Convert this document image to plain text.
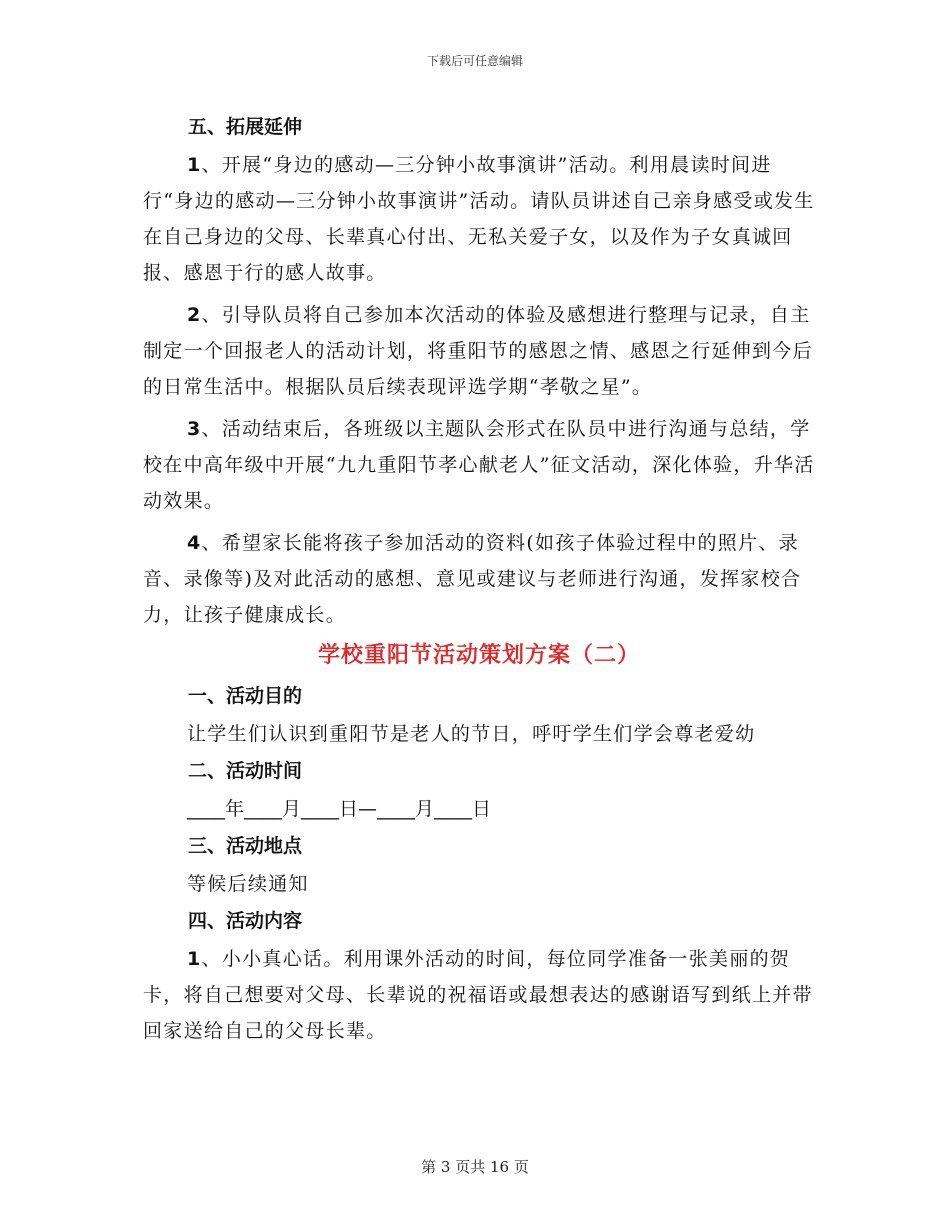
下载后可任意编辑
五、拓展延伸

1、开展“身边的感动—三分钟小故事演讲”活动。利用晨读时间进行“身边的感动—三分钟小故事演讲”活动。请队员讲述自己亲身感受或发生在自己身边的父母、长辈真心付出、无私关爱子女，以及作为子女真诚回报、感恩于行的感人故事。

2、引导队员将自己参加本次活动的体验及感想进行整理与记录，自主制定一个回报老人的活动计划，将重阳节的感恩之情、感恩之行延伸到今后的日常生活中。根据队员后续表现评选学期“孝敬之星”。

3、活动结束后，各班级以主题队会形式在队员中进行沟通与总结，学校在中高年级中开展“九九重阳节孝心献老人”征文活动，深化体验，升华活动效果。

4、希望家长能将孩子参加活动的资料(如孩子体验过程中的照片、录音、录像等)及对此活动的感想、意见或建议与老师进行沟通，发挥家校合力，让孩子健康成长。

学校重阳节活动策划方案（二）
一、活动目的
让学生们认识到重阳节是老人的节日，呼吁学生们学会尊老爱幼
二、活动时间
____年____月____日—____月____日
三、活动地点
等候后续通知
四、活动内容

1、小小真心话。利用课外活动的时间，每位同学准备一张美丽的贺卡，将自己想要对父母、长辈说的祝福语或最想表达的感谢语写到纸上并带回家送给自己的父母长辈。

第 3 页共 16 页
